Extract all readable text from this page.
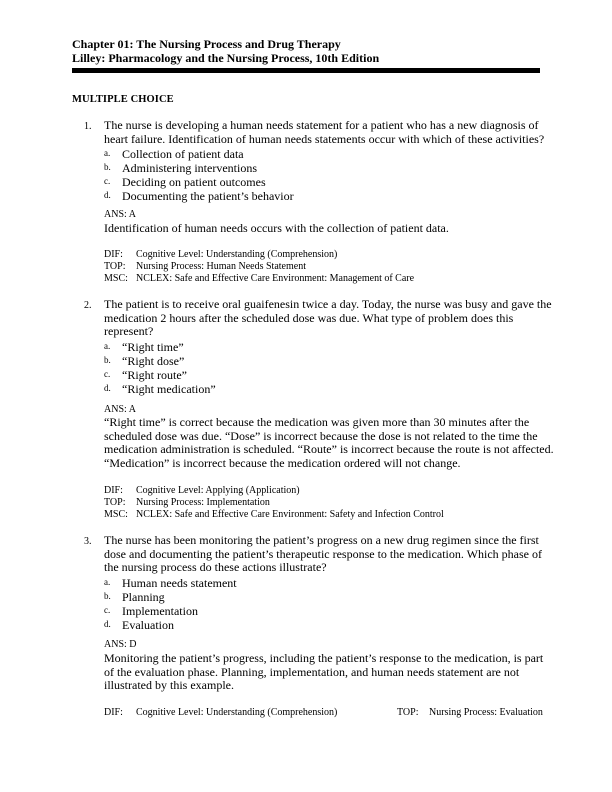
Chapter 01: The Nursing Process and Drug Therapy

Lilley: Pharmacology and the Nursing Process, 10th Edition

MULTIPLE CHOICE
1.	The nurse is developing a human needs statement for a patient who has a new diagnosis of heart failure. Identification of human needs statements occur with which of these activities?

a. Collection of patient data
b. Administering interventions
c. Deciding on patient outcomes
d. Documenting the patient’s behavior
ANS: A

Identification of human needs occurs with the collection of patient data.

DIF: Cognitive Level: Understanding (Comprehension)
TOP: Nursing Process: Human Needs Statement
MSC: NCLEX: Safe and Effective Care Environment: Management of Care
2.	The patient is to receive oral guaifenesin twice a day. Today, the nurse was busy and gave the medication 2 hours after the scheduled dose was due. What type of problem does this represent?

a. “Right time”
b. “Right dose”
c. “Right route”
d. “Right medication”
ANS: A

“Right time” is correct because the medication was given more than 30 minutes after the scheduled dose was due. “Dose” is incorrect because the dose is not related to the time the medication administration is scheduled. “Route” is incorrect because the route is not affected. “Medication” is incorrect because the medication ordered will not change.

DIF: Cognitive Level: Applying (Application)
TOP: Nursing Process: Implementation
MSC: NCLEX: Safe and Effective Care Environment: Safety and Infection Control
3.	The nurse has been monitoring the patient’s progress on a new drug regimen since the first dose and documenting the patient’s therapeutic response to the medication. Which phase of the nursing process do these actions illustrate?

a. Human needs statement
b. Planning
c. Implementation
d. Evaluation
ANS: D

Monitoring the patient’s progress, including the patient’s response to the medication, is part of the evaluation phase. Planning, implementation, and human needs statement are not illustrated by this example.

DIF: Cognitive Level: Understanding (Comprehension)	TOP: Nursing Process: Evaluation
